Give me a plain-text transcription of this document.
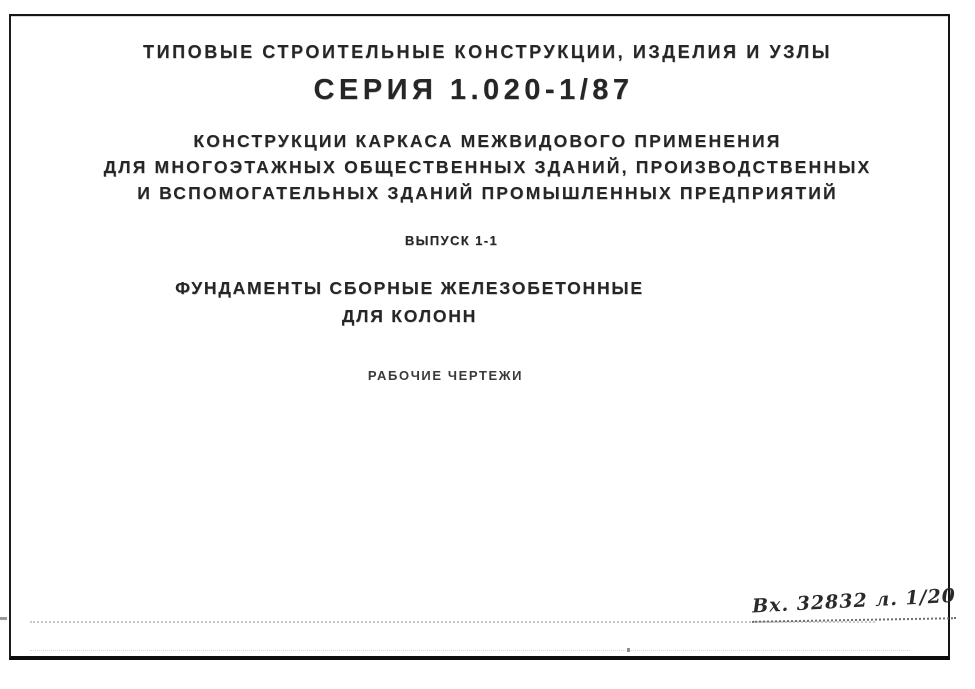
ТИПОВЫЕ СТРОИТЕЛЬНЫЕ КОНСТРУКЦИИ, ИЗДЕЛИЯ И УЗЛЫ
СЕРИЯ 1.020-1/87
КОНСТРУКЦИИ КАРКАСА МЕЖВИДОВОГО ПРИМЕНЕНИЯ
ДЛЯ МНОГОЭТАЖНЫХ ОБЩЕСТВЕННЫХ ЗДАНИЙ, ПРОИЗВОДСТВЕННЫХ
И ВСПОМОГАТЕЛЬНЫХ ЗДАНИЙ ПРОМЫШЛЕННЫХ ПРЕДПРИЯТИЙ
ВЫПУСК 1-1
ФУНДАМЕНТЫ СБОРНЫЕ ЖЕЛЕЗОБЕТОННЫЕ
ДЛЯ КОЛОНН
РАБОЧИЕ ЧЕРТЕЖИ
Вх. 32832 л. 1/20
